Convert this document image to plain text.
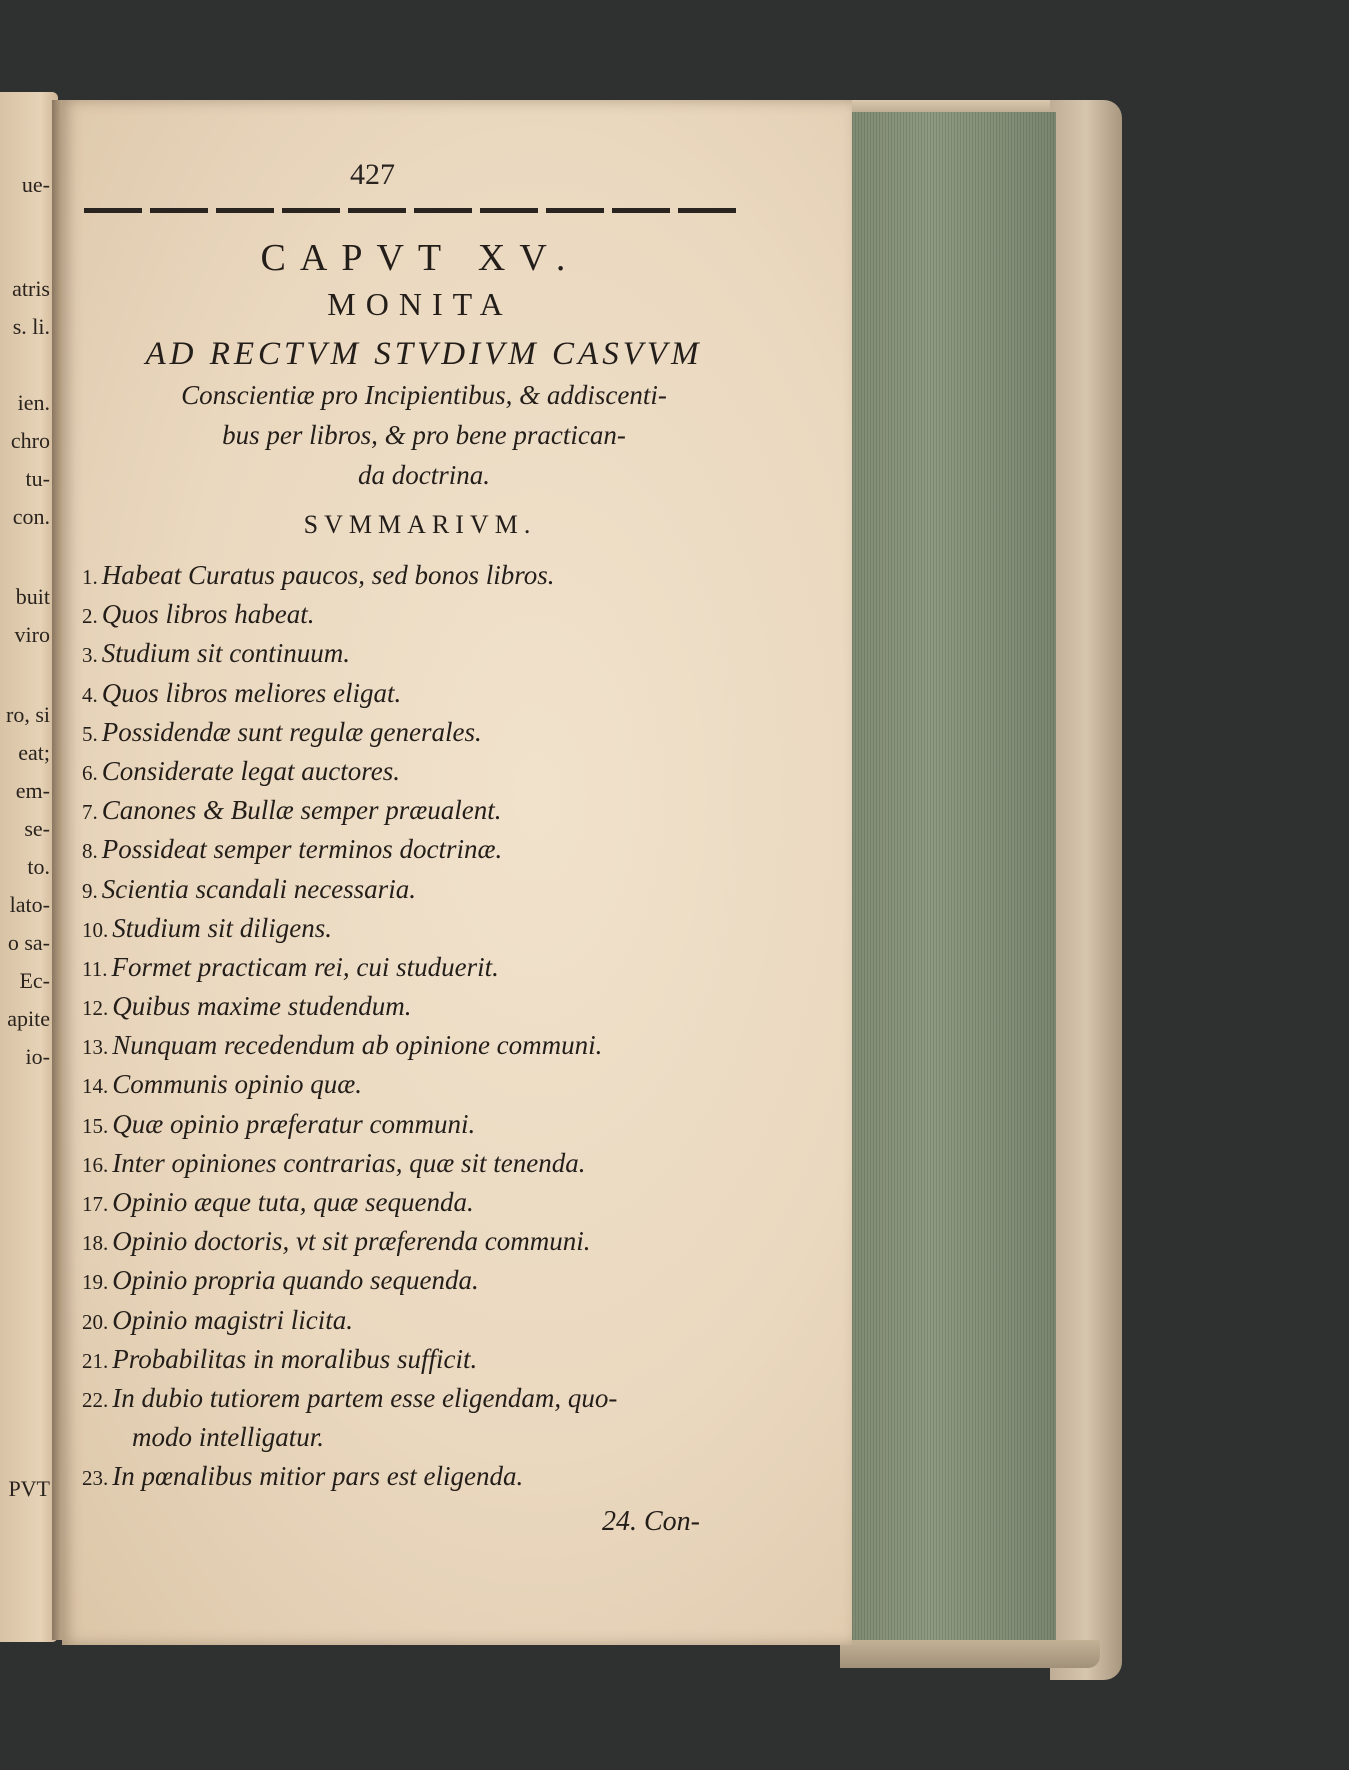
ue-
atris
s. li.
ien.
chro
tu-
con.
buit
viro
ro, si
eat;
em-
se-
to.
lato-
o sa-
Ec-
apite
io-
PVT
427
CAPVT XV.
MONITA
AD RECTVM STVDIVM CASVVM
Conscientiæ pro Incipientibus, & addiscenti-
bus per libros, & pro bene practican-
da doctrina.
SVMMARIVM.
1. Habeat Curatus paucos, sed bonos libros.
2. Quos libros habeat.
3. Studium sit continuum.
4. Quos libros meliores eligat.
5. Possidendæ sunt regulæ generales.
6. Considerate legat auctores.
7. Canones & Bullæ semper præualent.
8. Possideat semper terminos doctrinæ.
9. Scientia scandali necessaria.
10. Studium sit diligens.
11. Formet practicam rei, cui studuerit.
12. Quibus maxime studendum.
13. Nunquam recedendum ab opinione communi.
14. Communis opinio quæ.
15. Quæ opinio præferatur communi.
16. Inter opiniones contrarias, quæ sit tenenda.
17. Opinio æque tuta, quæ sequenda.
18. Opinio doctoris, vt sit præferenda communi.
19. Opinio propria quando sequenda.
20. Opinio magistri licita.
21. Probabilitas in moralibus sufficit.
22. In dubio tutiorem partem esse eligendam, quo-
modo intelligatur.
23. In pœnalibus mitior pars est eligenda.
24. Con-
